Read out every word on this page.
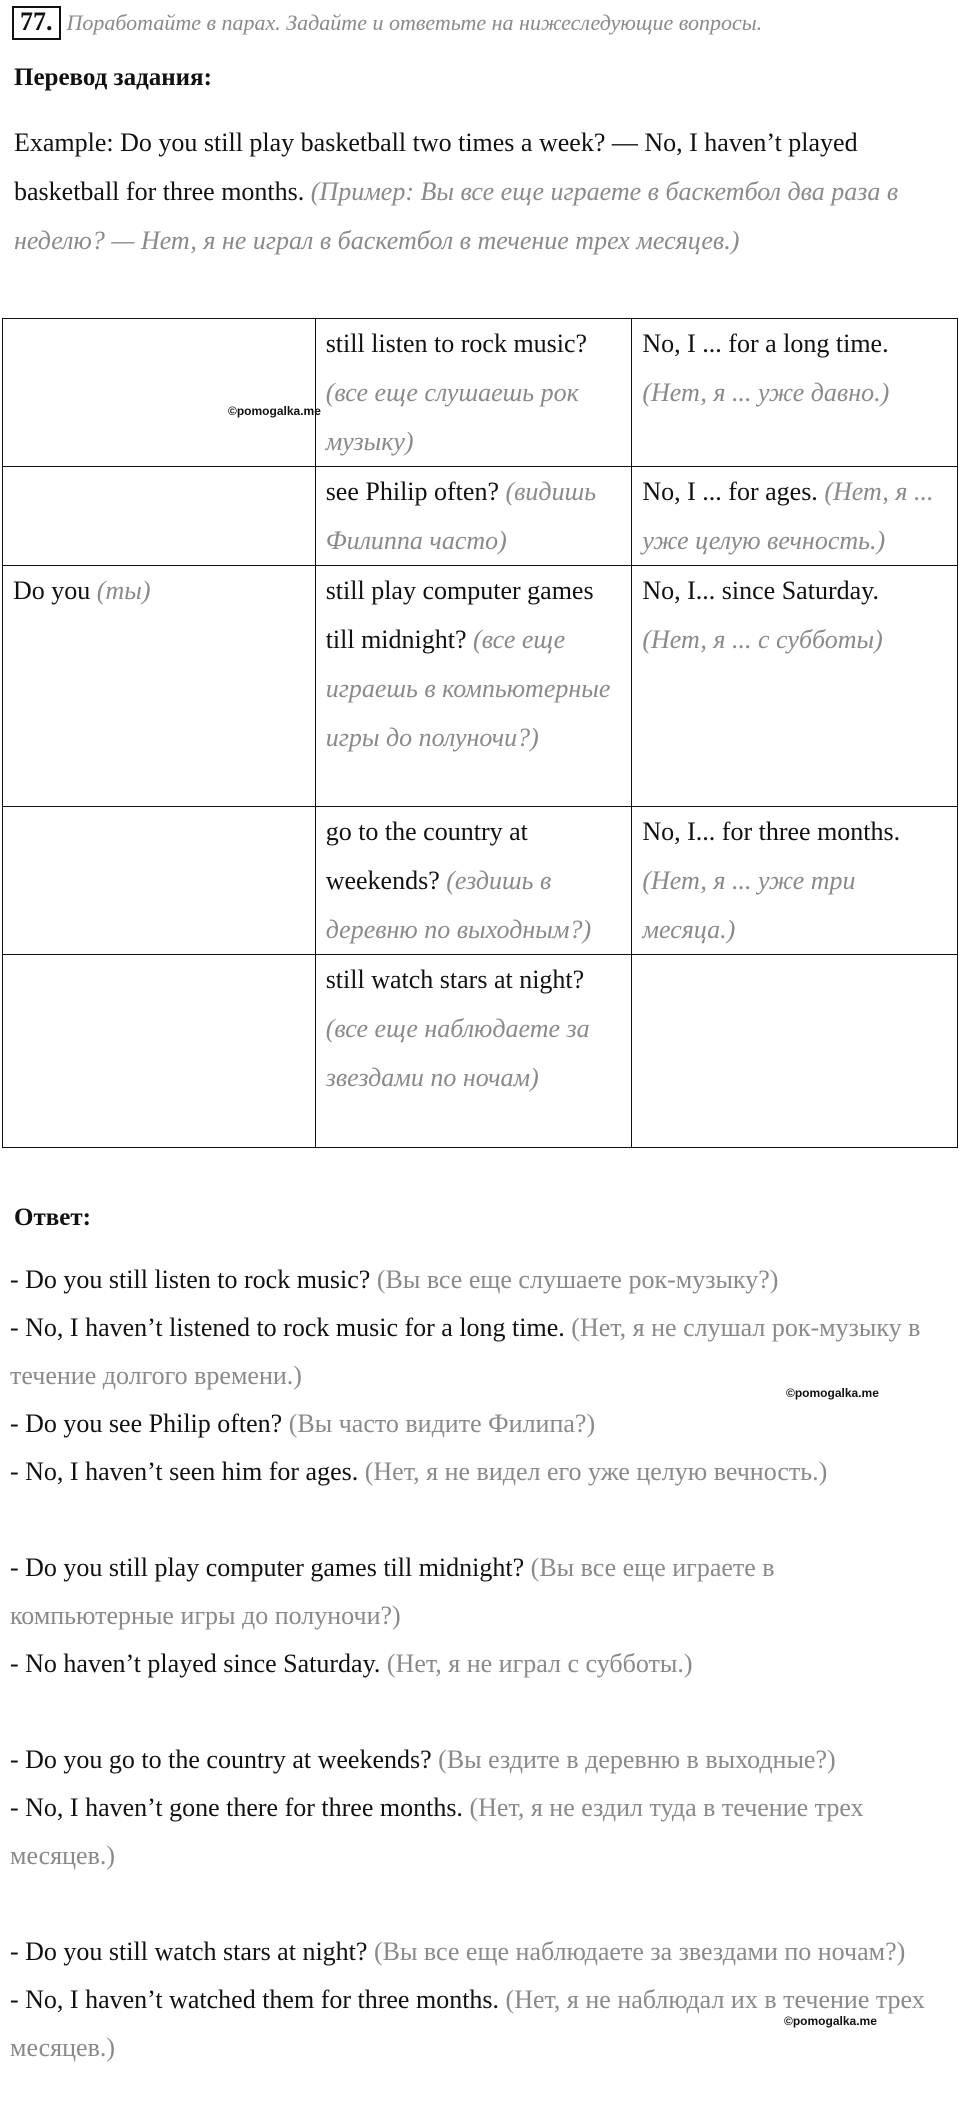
77. Поработайте в парах. Задайте и ответьте на нижеследующие вопросы.
Перевод задания:
Example: Do you still play basketball two times a week? — No, I haven’t played basketball for three months. (Пример: Вы все еще играете в баскетбол два раза в неделю? — Нет, я не играл в баскетбол в течение трех месяцев.)
	still listen to rock music? (все еще слушаешь рок музыку)	No, I ... for a long time. (Нет, я ... уже давно.)
	see Philip often? (видишь Филиппа часто)	No, I ... for ages. (Нет, я ... уже целую вечность.)
Do you (ты)	still play computer games till midnight? (все еще играешь в компьютерные игры до полуночи?)	No, I... since Saturday. (Нет, я ... с субботы)
	go to the country at weekends? (ездишь в деревню по выходным?)	No, I... for three months. (Нет, я ... уже три месяца.)
	still watch stars at night? (все еще наблюдаете за звездами по ночам)	
©pomogalka.me
©pomogalka.me
©pomogalka.me
Ответ:

- Do you still listen to rock music? (Вы все еще слушаете рок-музыку?)

- No, I haven’t listened to rock music for a long time. (Нет, я не слушал рок-музыку в течение долгого времени.)

- Do you see Philip often? (Вы часто видите Филипа?)

- No, I haven’t seen him for ages. (Нет, я не видел его уже целую вечность.)

- Do you still play computer games till midnight? (Вы все еще играете в компьютерные игры до полуночи?)

- No haven’t played since Saturday. (Нет, я не играл с субботы.)

- Do you go to the country at weekends? (Вы ездите в деревню в выходные?)

- No, I haven’t gone there for three months. (Нет, я не ездил туда в течение трех месяцев.)

- Do you still watch stars at night? (Вы все еще наблюдаете за звездами по ночам?)

- No, I haven’t watched them for three months. (Нет, я не наблюдал их в течение трех месяцев.)
